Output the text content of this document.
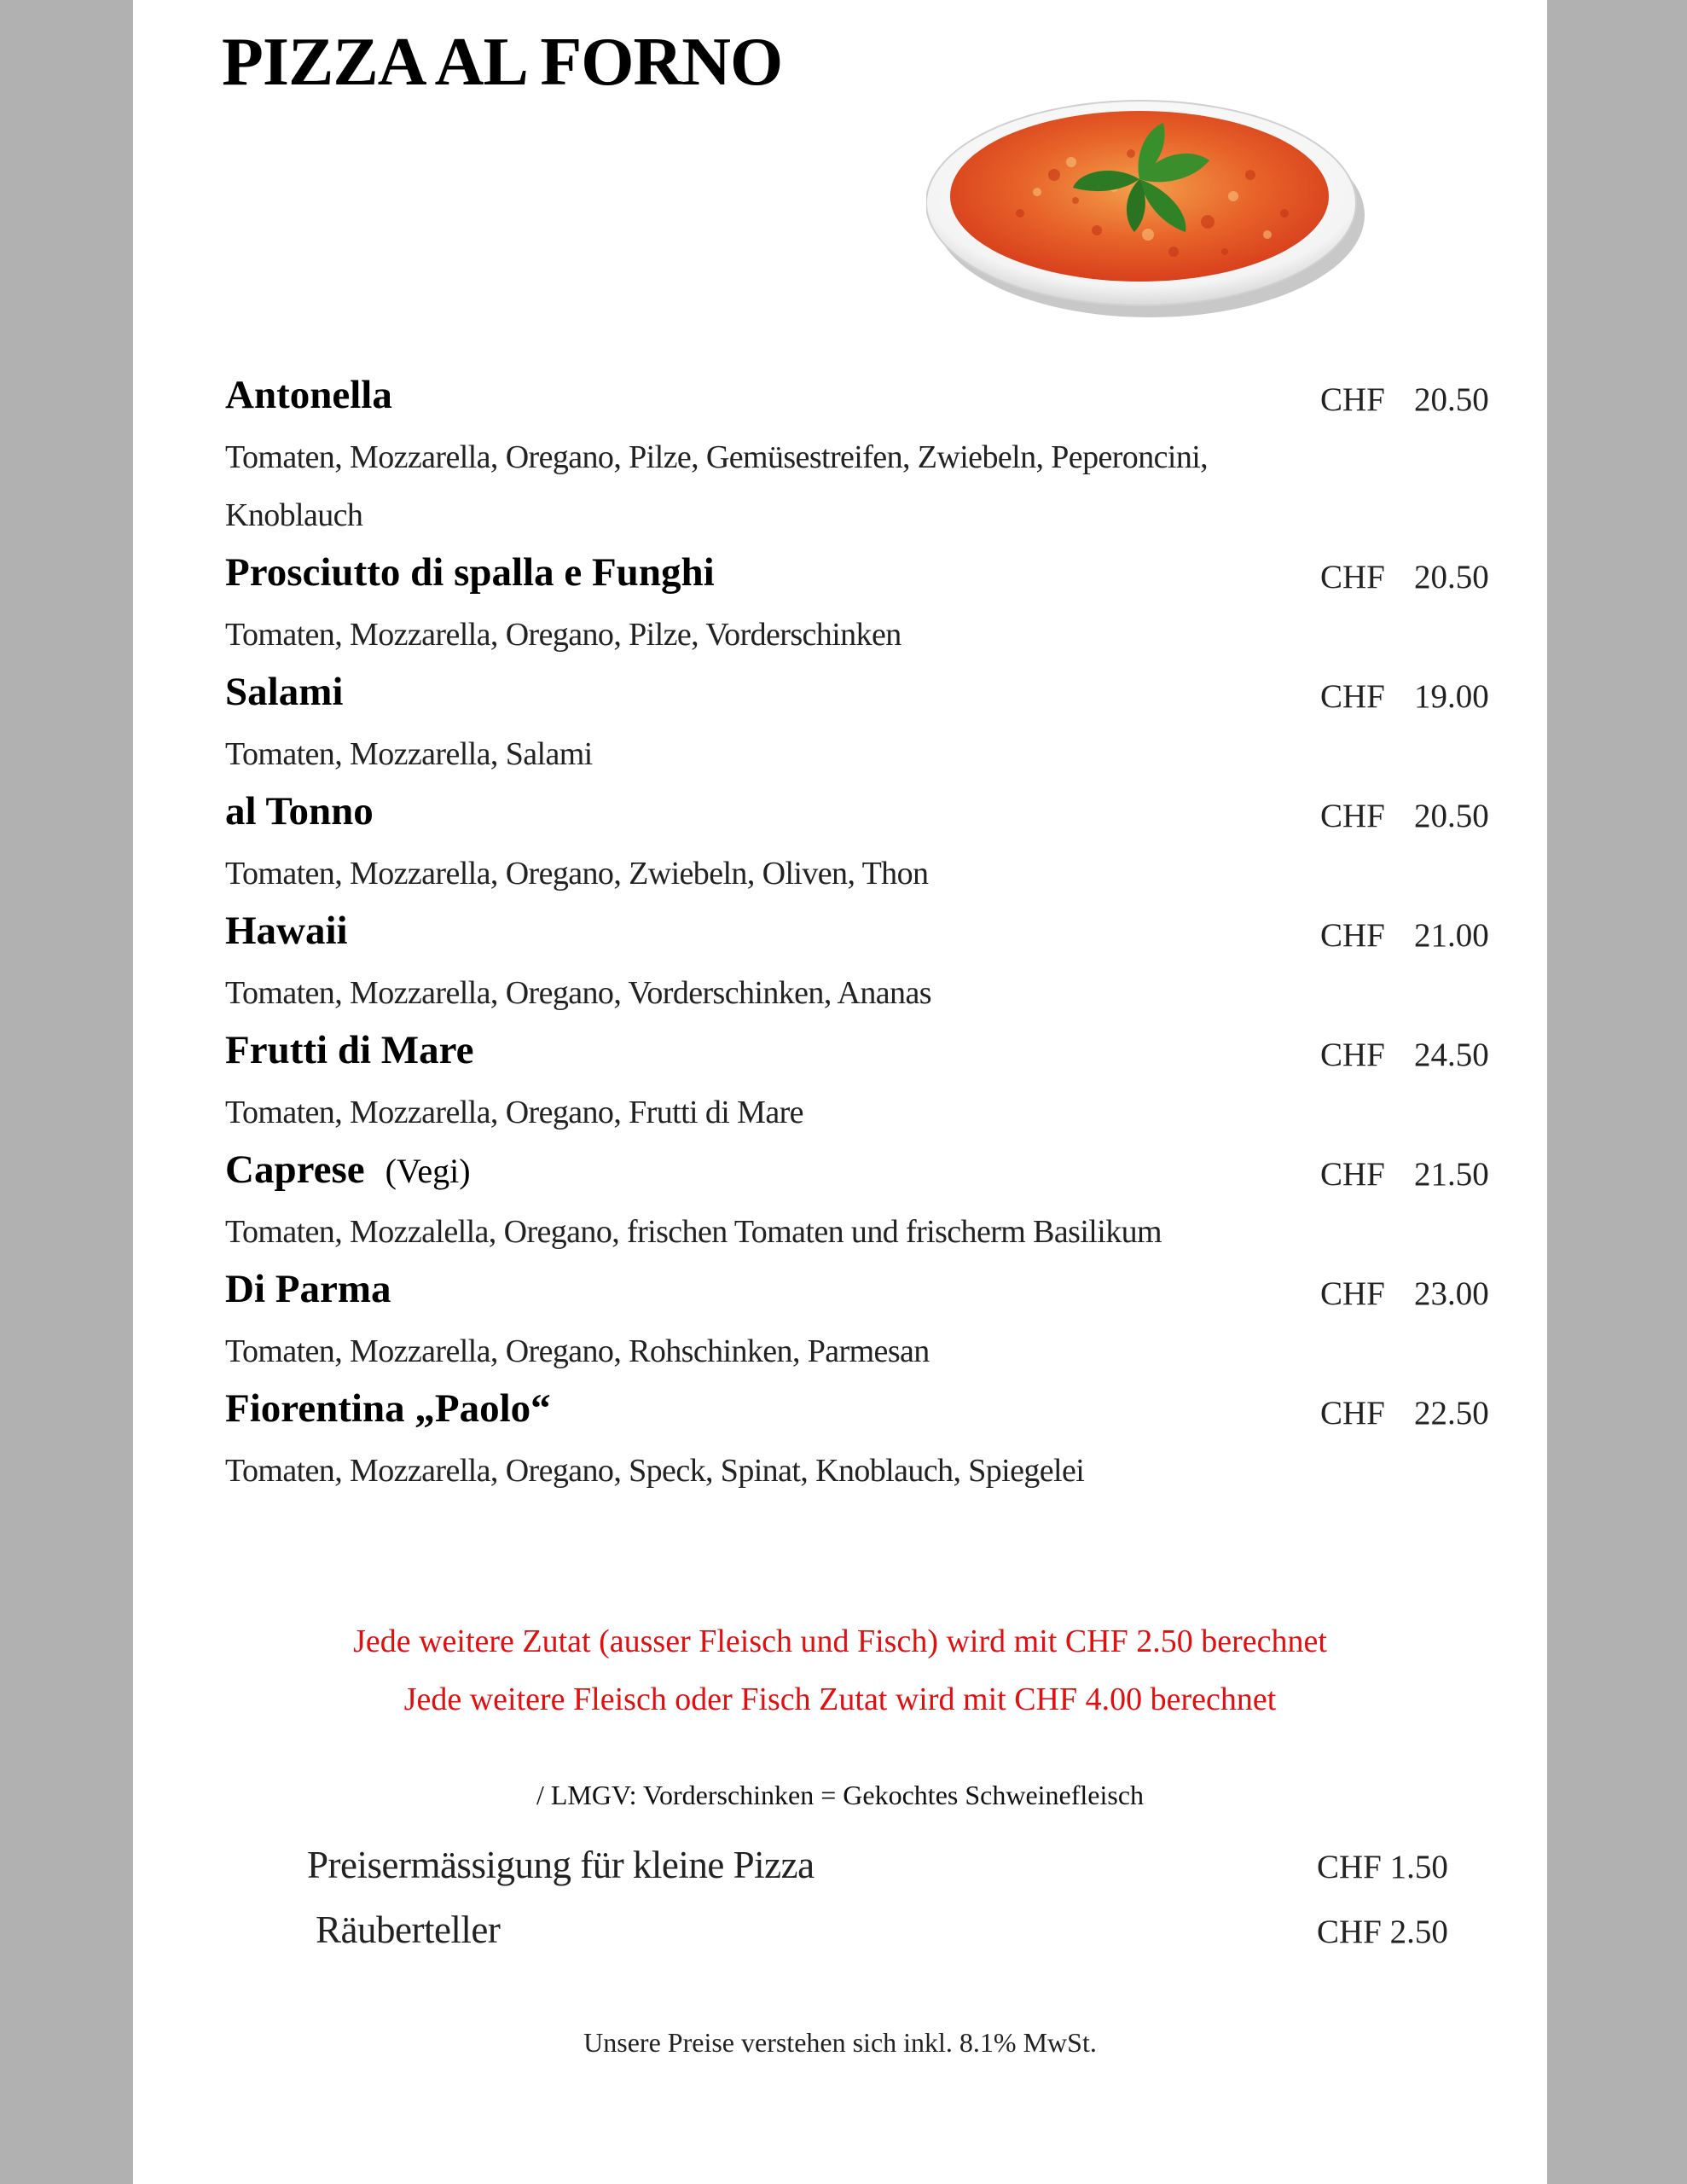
PIZZA AL FORNO
Antonella	CHF 20.50
Tomaten, Mozzarella, Oregano, Pilze, Gemüsestreifen, Zwiebeln, Peperoncini, Knoblauch
Prosciutto di spalla e Funghi	CHF 20.50
Tomaten, Mozzarella, Oregano, Pilze, Vorderschinken
Salami	CHF 19.00
Tomaten, Mozzarella, Salami
al Tonno	CHF 20.50
Tomaten, Mozzarella, Oregano, Zwiebeln, Oliven, Thon
Hawaii	CHF 21.00
Tomaten, Mozzarella, Oregano, Vorderschinken, Ananas
Frutti di Mare	CHF 24.50
Tomaten, Mozzarella, Oregano, Frutti di Mare
Caprese (Vegi)	CHF 21.50
Tomaten, Mozzalella, Oregano, frischen Tomaten und frischerm Basilikum
Di Parma	CHF 23.00
Tomaten, Mozzarella, Oregano, Rohschinken, Parmesan
Fiorentina „Paolo“	CHF 22.50
Tomaten, Mozzarella, Oregano, Speck, Spinat, Knoblauch, Spiegelei
Jede weitere Zutat (ausser Fleisch und Fisch) wird mit CHF 2.50 berechnet
Jede weitere Fleisch oder Fisch Zutat wird mit CHF 4.00 berechnet
/ LMGV: Vorderschinken = Gekochtes Schweinefleisch
Preisermässigung für kleine Pizza	CHF 1.50
Räuberteller	CHF 2.50
Unsere Preise verstehen sich inkl. 8.1% MwSt.
